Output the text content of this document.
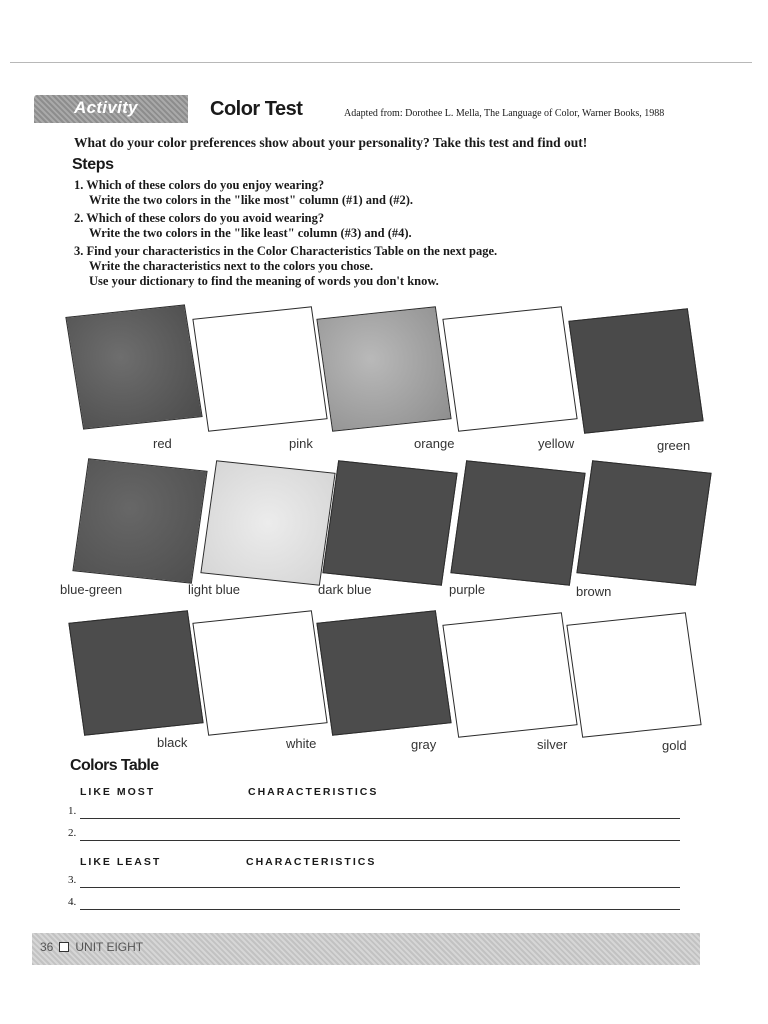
Activity	Color Test	Adapted from: Dorothee L. Mella, The Language of Color, Warner Books, 1988
What do your color preferences show about your personality? Take this test and find out!
Steps
1. Which of these colors do you enjoy wearing?
Write the two colors in the "like most" column (#1) and (#2).
2. Which of these colors do you avoid wearing?
Write the two colors in the "like least" column (#3) and (#4).
3. Find your characteristics in the Color Characteristics Table on the next page.
Write the characteristics next to the colors you chose.
Use your dictionary to find the meaning of words you don't know.
red	pink	orange	yellow	green
blue-green	light blue	dark blue	purple	brown
black	white	gray	silver	gold
Colors Table
LIKE MOST	CHARACTERISTICS
1.
2.
LIKE LEAST	CHARACTERISTICS
3.
4.
36 UNIT EIGHT
